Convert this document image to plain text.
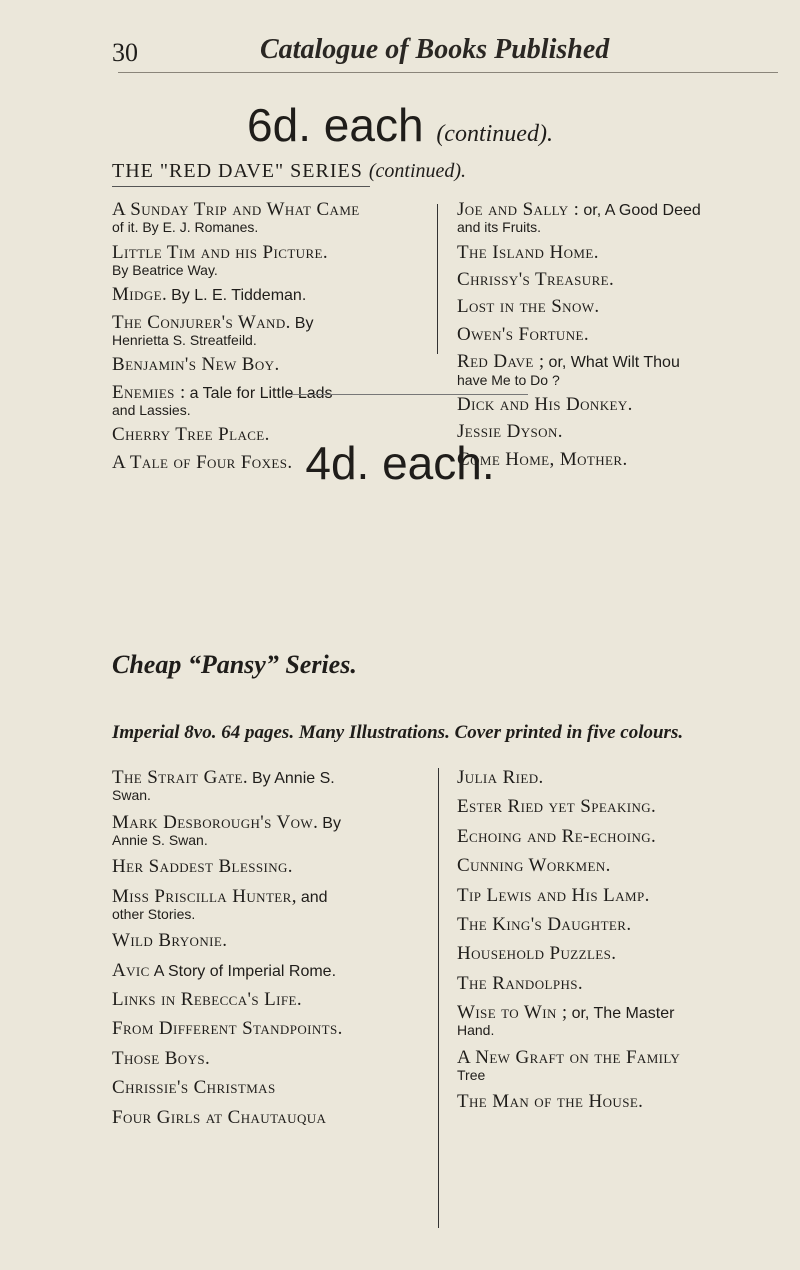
30	Catalogue of Books Published
6d. each (continued).
THE "RED DAVE" SERIES (continued).
A Sunday Trip and What Came
of it. By E. J. Romanes.
Little Tim and his Picture.
By Beatrice Way.
Midge. By L. E. Tiddeman.
The Conjurer's Wand. By
Henrietta S. Streatfeild.
Benjamin's New Boy.
Enemies : a Tale for Little Lads
and Lassies.
Cherry Tree Place.
A Tale of Four Foxes.
Joe and Sally : or, A Good Deed
and its Fruits.
The Island Home.
Chrissy's Treasure.
Lost in the Snow.
Owen's Fortune.
Red Dave ; or, What Wilt Thou
have Me to Do ?
Dick and His Donkey.
Jessie Dyson.
Come Home, Mother.
4d. each.
Cheap “Pansy” Series.
Imperial 8vo. 64 pages. Many Illustrations. Cover printed in five colours.
The Strait Gate. By Annie S.
Swan.
Mark Desborough's Vow. By
Annie S. Swan.
Her Saddest Blessing.
Miss Priscilla Hunter, and
other Stories.
Wild Bryonie.
Avic A Story of Imperial Rome.
Links in Rebecca's Life.
From Different Standpoints.
Those Boys.
Chrissie's Christmas
Four Girls at Chautauqua
Julia Ried.
Ester Ried yet Speaking.
Echoing and Re-echoing.
Cunning Workmen.
Tip Lewis and His Lamp.
The King's Daughter.
Household Puzzles.
The Randolphs.
Wise to Win ; or, The Master
Hand.
A New Graft on the Family
Tree
The Man of the House.
